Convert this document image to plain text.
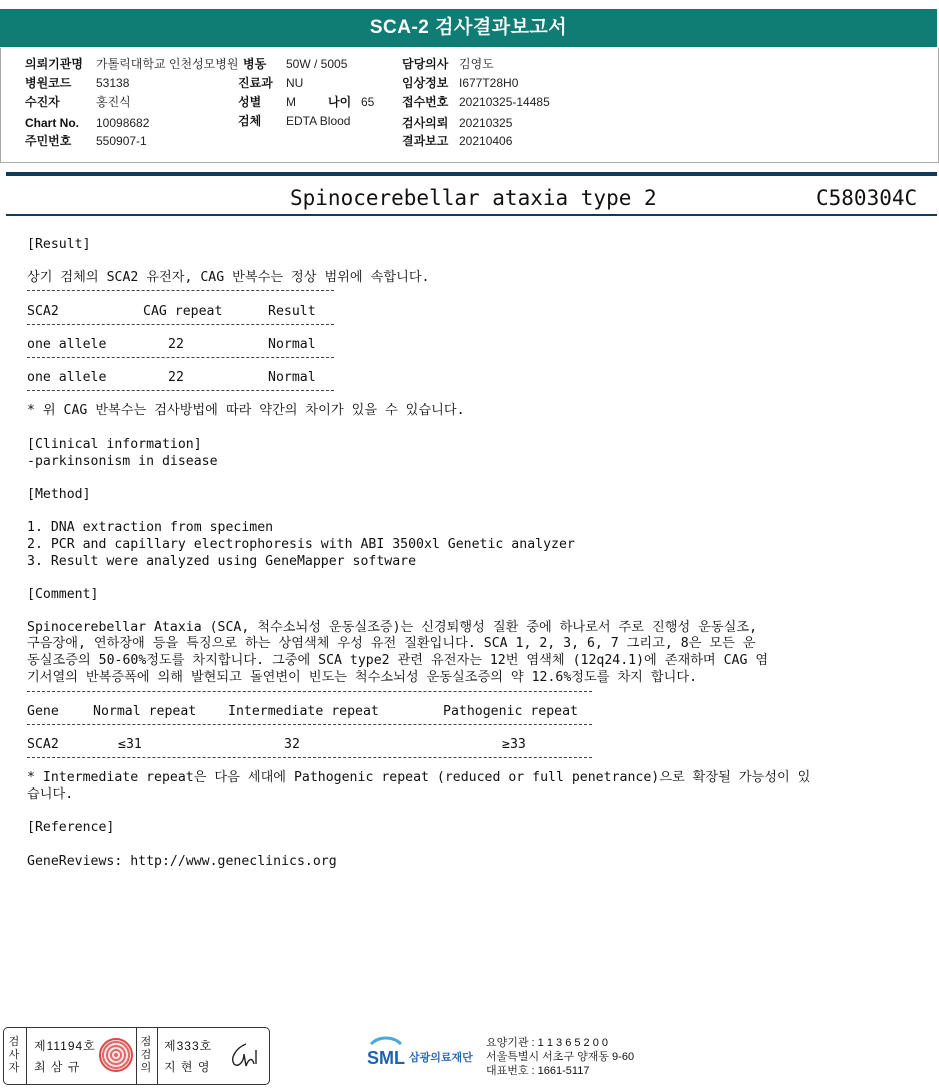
SCA-2 검사결과보고서
의뢰기관명 가톨릭대학교 인천성모병원 병동 50W / 5005	담당의사 김영도
병원코드 53138	진료과 NU	임상정보 I677T28H0
수진자	홍진식	성별 M	나이 65 접수번호 20210325-14485
Chart No. 10098682	검체 EDTA Blood	검사의뢰 20210325
주민번호 550907-1	결과보고 20210406
Spinocerebellar ataxia type 2	C580304C
[Result]
상기 검체의 SCA2 유전자, CAG 반복수는 정상 범위에 속합니다.
SCA2	CAG repeat	Result
one allele	22	Normal
one allele	22	Normal
* 위 CAG 반복수는 검사방법에 따라 약간의 차이가 있을 수 있습니다.
[Clinical information]
-parkinsonism in disease
[Method]
1. DNA extraction from specimen
2. PCR and capillary electrophoresis with ABI 3500xl Genetic analyzer
3. Result were analyzed using GeneMapper software
[Comment]
Spinocerebellar Ataxia (SCA, 척수소뇌성 운동실조증)는 신경퇴행성 질환 중에 하나로서 주로 진행성 운동실조,
구음장애, 연하장애 등을 특징으로 하는 상염색체 우성 유전 질환입니다. SCA 1, 2, 3, 6, 7 그리고, 8은 모든 운
동실조증의 50-60%정도를 차지합니다. 그중에 SCA type2 관련 유전자는 12번 염색체 (12q24.1)에 존재하며 CAG 염
기서열의 반복증폭에 의해 발현되고 돌연변이 빈도는 척수소뇌성 운동실조증의 약 12.6%정도를 차지 합니다.
Gene	Normal repeat Intermediate repeat	Pathogenic repeat
SCA2	≤31	32	≥33
* Intermediate repeat은 다음 세대에 Pathogenic repeat (reduced or full penetrance)으로 확장될 가능성이 있
습니다.
[Reference]
GeneReviews: http://www.geneclinics.org
검
사
자
제11194호
최 삼 규
점
검
의
제333호
지 현 영	SML 삼광의료재단
요양기관 : 1 1 3 6 5 2 0 0
서울특별시 서초구 양재동 9-60
대표번호 : 1661-5117
